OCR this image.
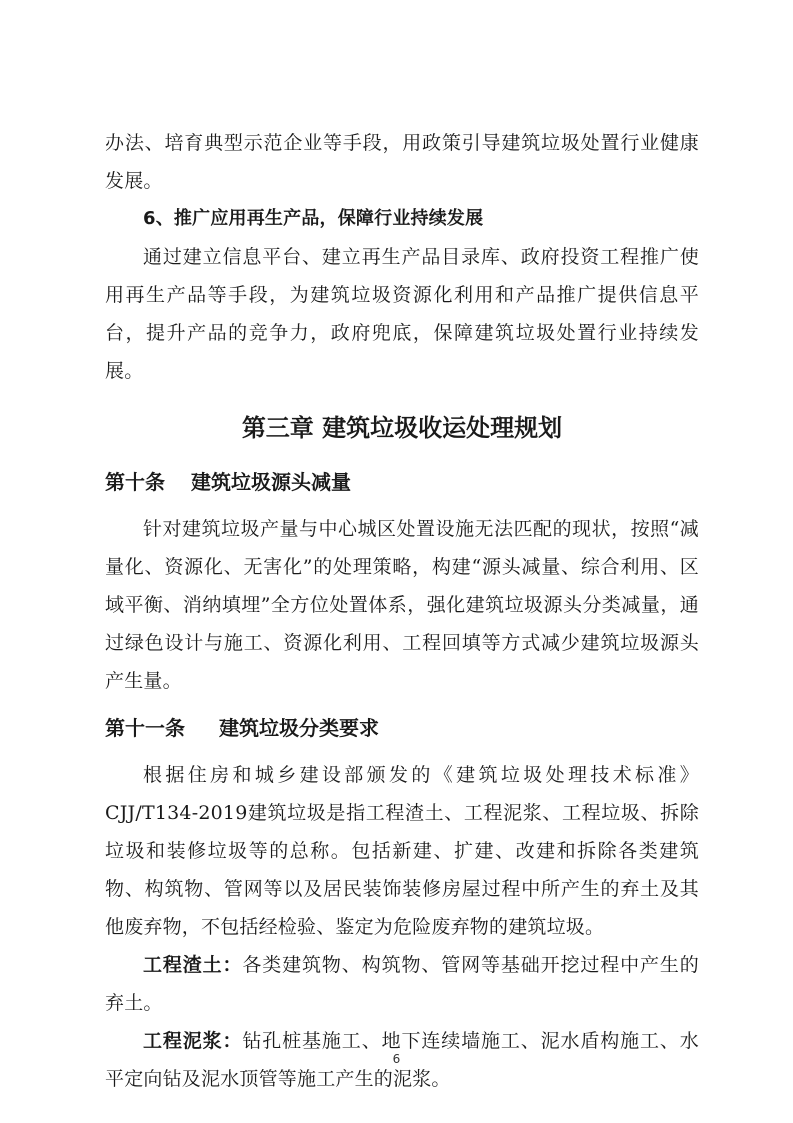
办法、培育典型示范企业等手段，用政策引导建筑垃圾处置行业健康发展。

6、推广应用再生产品，保障行业持续发展

通过建立信息平台、建立再生产品目录库、政府投资工程推广使用再生产品等手段，为建筑垃圾资源化利用和产品推广提供信息平台，提升产品的竞争力，政府兜底，保障建筑垃圾处置行业持续发展。

第三章 建筑垃圾收运处理规划
第十条 建筑垃圾源头减量

针对建筑垃圾产量与中心城区处置设施无法匹配的现状，按照“减量化、资源化、无害化”的处理策略，构建“源头减量、综合利用、区域平衡、消纳填埋”全方位处置体系，强化建筑垃圾源头分类减量，通过绿色设计与施工、资源化利用、工程回填等方式减少建筑垃圾源头产生量。

第十一条 建筑垃圾分类要求

根据住房和城乡建设部颁发的《建筑垃圾处理技术标准》CJJ/T134-2019建筑垃圾是指工程渣土、工程泥浆、工程垃圾、拆除垃圾和装修垃圾等的总称。包括新建、扩建、改建和拆除各类建筑物、构筑物、管网等以及居民装饰装修房屋过程中所产生的弃土及其他废弃物，不包括经检验、鉴定为危险废弃物的建筑垃圾。

工程渣土：各类建筑物、构筑物、管网等基础开挖过程中产生的弃土。

工程泥浆：钻孔桩基施工、地下连续墙施工、泥水盾构施工、水平定向钻及泥水顶管等施工产生的泥浆。

6
